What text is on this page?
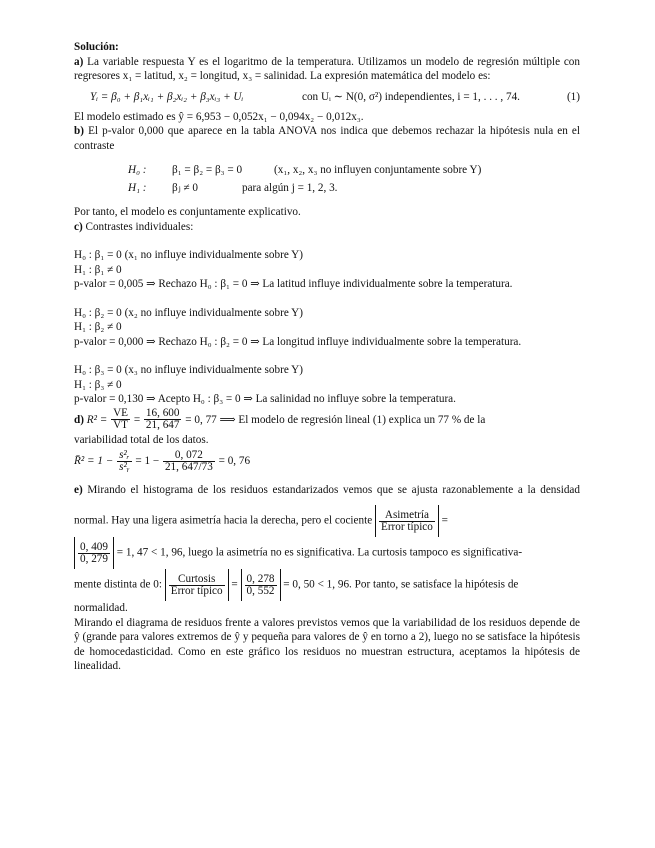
Solución:

a) La variable respuesta Y es el logaritmo de la temperatura. Utilizamos un modelo de regresión múltiple con regresores x₁ = latitud, x₂ = longitud, x₃ = salinidad. La expresión matemática del modelo es:

Yᵢ = β₀ + β₁xᵢ₁ + β₂xᵢ₂ + β₃xᵢ₃ + Uᵢ	con Uᵢ ∼ N(0, σ²) independientes, i = 1, . . . , 74.	(1)

El modelo estimado es ŷ = 6,953 − 0,052x₁ − 0,094x₂ − 0,012x₃.

b) El p-valor 0,000 que aparece en la tabla ANOVA nos indica que debemos rechazar la hipótesis nula en el contraste

H₀ : β₁ = β₂ = β₃ = 0	(x₁, x₂, x₃ no influyen conjuntamente sobre Y)
H₁ : βⱼ ≠ 0	para algún j = 1, 2, 3.

Por tanto, el modelo es conjuntamente explicativo.

c) Contrastes individuales:

H₀ : β₁ = 0 (x₁ no influye individualmente sobre Y)

H₁ : β₁ ≠ 0

p-valor = 0,005 ⇒ Rechazo H₀ : β₁ = 0 ⇒ La latitud influye individualmente sobre la temperatura.

H₀ : β₂ = 0 (x₂ no influye individualmente sobre Y)

H₁ : β₂ ≠ 0

p-valor = 0,000 ⇒ Rechazo H₀ : β₂ = 0 ⇒ La longitud influye individualmente sobre la temperatura.

H₀ : β₃ = 0 (x₃ no influye individualmente sobre Y)

H₁ : β₃ ≠ 0

p-valor = 0,130 ⇒ Acepto H₀ : β₃ = 0 ⇒ La salinidad no influye sobre la temperatura.

d) $R^2 = \frac{VE}{VT} = \frac{16, 600}{21, 647} = 0$, 77 ⟹ El modelo de regresión lineal (1) explica un 77 % de la

variabilidad total de los datos.

R̄² = $1 - \frac{\text{s²ᵣ}}{\text{s²ᵧ}} = 1 - \frac{0, 072}{21, 647/73} = 0$, 76

e) Mirando el histograma de los residuos estandarizados vemos que se ajusta razonablemente a la densidad normal. Hay una ligera asimetría hacia la derecha, pero el cociente $\frac{\text{Asimetría}}{\text{Error típico}}$ =

$\frac{0, 409}{0, 279} = 1$, 47 < 1, 96, luego la asimetría no es significativa. La curtosis tampoco es significativa-

mente distinta de 0: $\frac{\text{Curtosis}}{\text{Error típico}} = \frac{0, 278}{0, 552} = 0$, 50 < 1, 96. Por tanto, se satisface la hipótesis de

normalidad.

Mirando el diagrama de residuos frente a valores previstos vemos que la variabilidad de los residuos depende de ŷ (grande para valores extremos de ŷ y pequeña para valores de ŷ en torno a 2), luego no se satisface la hipótesis de homocedasticidad. Como en este gráfico los residuos no muestran estructura, aceptamos la hipótesis de linealidad.
